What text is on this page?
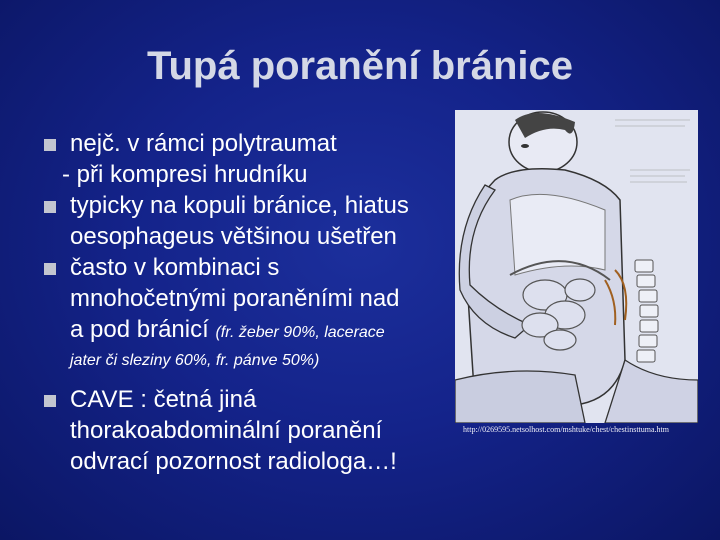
Tupá poranění bránice
nejč. v rámci polytraumat
- při kompresi hrudníku
typicky na kopuli bránice, hiatus
oesophageus většinou ušetřen
často v kombinaci s
mnohočetnými poraněními nad
a pod bránicí (fr. žeber 90%, lacerace
jater či sleziny 60%, fr. pánve 50%)
CAVE : četná jiná
thorakoabdominální poranění
odvrací pozornost radiologa…!
http://0269595.netsolhost.com/mshtuke/chest/chestinsttuma.htm
